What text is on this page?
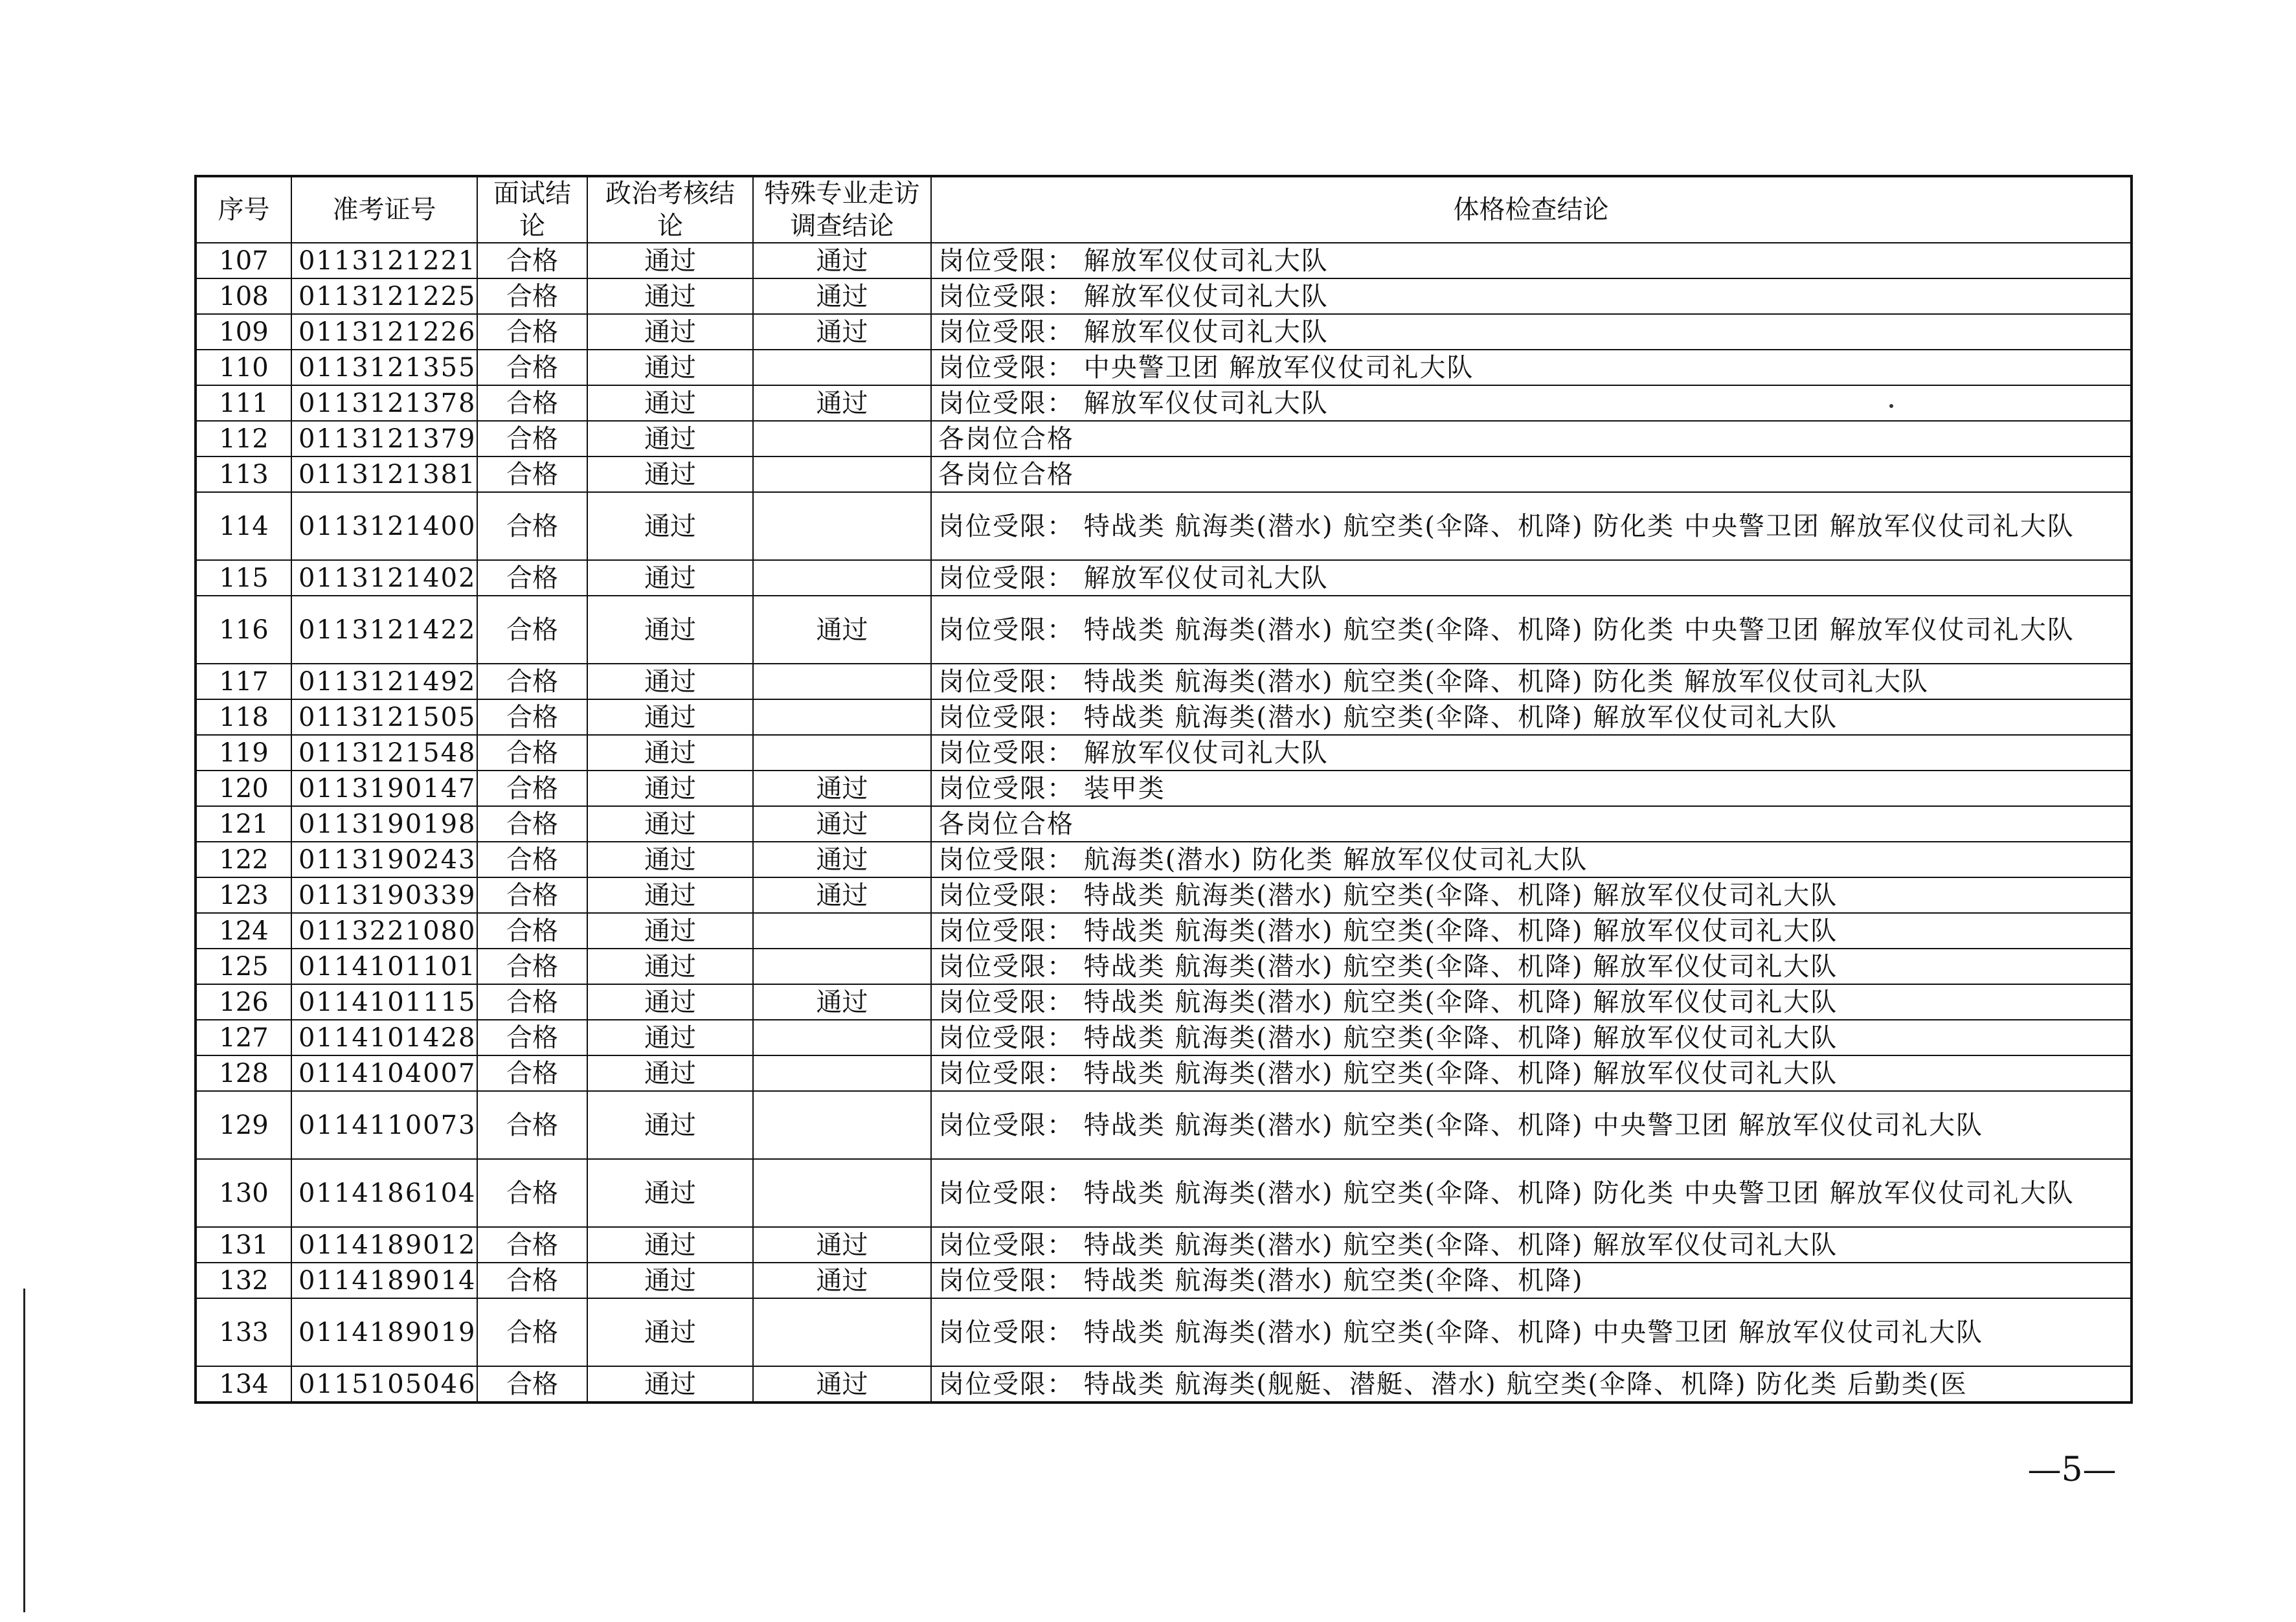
序号	准考证号	面试结论	政治考核结论	特殊专业走访调查结论	体格检查结论
107	0113121221	合格	通过	通过	岗位受限： 解放军仪仗司礼大队
108	0113121225	合格	通过	通过	岗位受限： 解放军仪仗司礼大队
109	0113121226	合格	通过	通过	岗位受限： 解放军仪仗司礼大队
110	0113121355	合格	通过		岗位受限： 中央警卫团 解放军仪仗司礼大队
111	0113121378	合格	通过	通过	岗位受限： 解放军仪仗司礼大队
112	0113121379	合格	通过		各岗位合格
113	0113121381	合格	通过		各岗位合格
114	0113121400	合格	通过		岗位受限： 特战类 航海类(潜水) 航空类(伞降、机降) 防化类 中央警卫团 解放军仪仗司礼大队
115	0113121402	合格	通过		岗位受限： 解放军仪仗司礼大队
116	0113121422	合格	通过	通过	岗位受限： 特战类 航海类(潜水) 航空类(伞降、机降) 防化类 中央警卫团 解放军仪仗司礼大队
117	0113121492	合格	通过		岗位受限： 特战类 航海类(潜水) 航空类(伞降、机降) 防化类 解放军仪仗司礼大队
118	0113121505	合格	通过		岗位受限： 特战类 航海类(潜水) 航空类(伞降、机降) 解放军仪仗司礼大队
119	0113121548	合格	通过		岗位受限： 解放军仪仗司礼大队
120	0113190147	合格	通过	通过	岗位受限： 装甲类
121	0113190198	合格	通过	通过	各岗位合格
122	0113190243	合格	通过	通过	岗位受限： 航海类(潜水) 防化类 解放军仪仗司礼大队
123	0113190339	合格	通过	通过	岗位受限： 特战类 航海类(潜水) 航空类(伞降、机降) 解放军仪仗司礼大队
124	0113221080	合格	通过		岗位受限： 特战类 航海类(潜水) 航空类(伞降、机降) 解放军仪仗司礼大队
125	0114101101	合格	通过		岗位受限： 特战类 航海类(潜水) 航空类(伞降、机降) 解放军仪仗司礼大队
126	0114101115	合格	通过	通过	岗位受限： 特战类 航海类(潜水) 航空类(伞降、机降) 解放军仪仗司礼大队
127	0114101428	合格	通过		岗位受限： 特战类 航海类(潜水) 航空类(伞降、机降) 解放军仪仗司礼大队
128	0114104007	合格	通过		岗位受限： 特战类 航海类(潜水) 航空类(伞降、机降) 解放军仪仗司礼大队
129	0114110073	合格	通过		岗位受限： 特战类 航海类(潜水) 航空类(伞降、机降) 中央警卫团 解放军仪仗司礼大队
130	0114186104	合格	通过		岗位受限： 特战类 航海类(潜水) 航空类(伞降、机降) 防化类 中央警卫团 解放军仪仗司礼大队
131	0114189012	合格	通过	通过	岗位受限： 特战类 航海类(潜水) 航空类(伞降、机降) 解放军仪仗司礼大队
132	0114189014	合格	通过	通过	岗位受限： 特战类 航海类(潜水) 航空类(伞降、机降)
133	0114189019	合格	通过		岗位受限： 特战类 航海类(潜水) 航空类(伞降、机降) 中央警卫团 解放军仪仗司礼大队
134	0115105046	合格	通过	通过	岗位受限： 特战类 航海类(舰艇、潜艇、潜水) 航空类(伞降、机降) 防化类 后勤类(医
—5—
